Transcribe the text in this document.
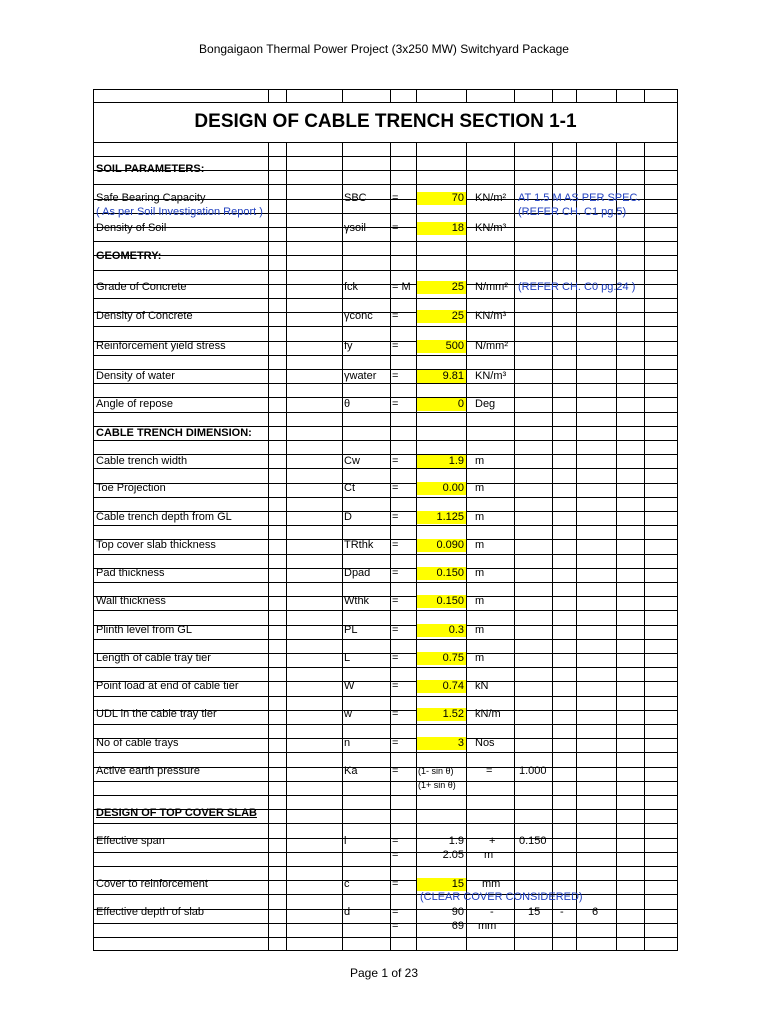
Bongaigaon Thermal Power Project (3x250 MW) Switchyard Package
DESIGN OF CABLE TRENCH SECTION 1-1
SOIL PARAMETERS:
GEOMETRY:
CABLE TRENCH DIMENSION:
DESIGN OF TOP COVER SLAB
Safe Bearing Capacity	SBC =	70 KN/m² AT 1.5 M AS PER SPEC.
( As per Soil Investigation Report )	(REFER CH. C1 pg.5)
Density of Soil	γsoil =	18 KN/m³
Grade of Concrete	fck	= M	25 N/mm² (REFER CH. C0 pg.24 )
Density of Concrete	γconc =	25 KN/m³
Reinforcement yield stress	fy	=	500 N/mm²
Density of water	γwater =	9.81 KN/m³
Angle of repose	θ	=	0 Deg
Cable trench width	Cw	=	1.9 m
Toe Projection	Ct	=	0.00 m
Cable trench depth from GL	D	=	1.125 m
Top cover slab thickness	TRthk =	0.090 m
Pad thickness	Dpad =	0.150 m
Wall thickness	Wthk =	0.150 m
Plinth level from GL	PL	=	0.3 m
Length of cable tray tier	L	=	0.75 m
Point load at end of cable tier	W	=	0.74 kN
UDL in the cable tray tier	w	=	1.52 kN/m
No of cable trays	n	=	3 Nos
Active earth pressure	Ka	= (1- sin θ)
(1+ sin θ)
= 1.000
Effective span	l	=	1.9 + 0.150
=	2.05 m
Cover to reinforcement	c	=	15 mm
(CLEAR COVER CONSIDERED)
Effective depth of slab	d	=	90 -	15 -	6
=	69 mm
Page 1 of 23
